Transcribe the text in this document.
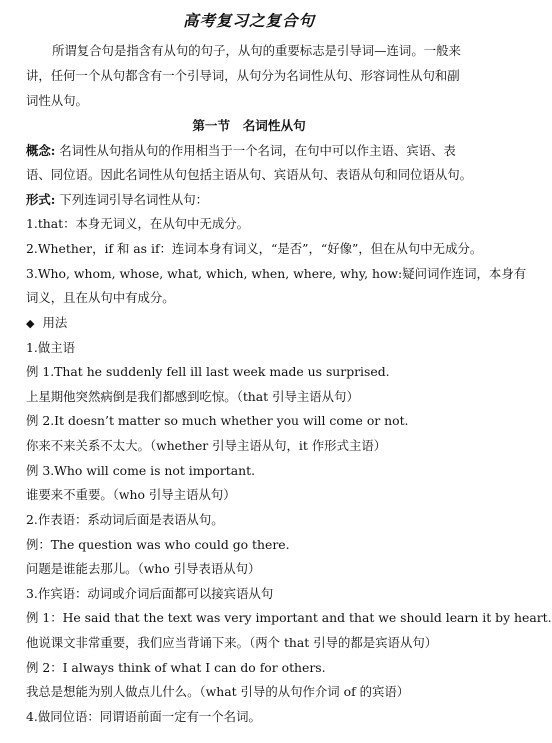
高考复习之复合句
所谓复合句是指含有从句的句子，从句的重要标志是引导词—连词。一般来
讲，任何一个从句都含有一个引导词，从句分为名词性从句、形容词性从句和副
词性从句。
第一节　名词性从句
概念: 名词性从句指从句的作用相当于一个名词，在句中可以作主语、宾语、表
语、同位语。因此名词性从句包括主语从句、宾语从句、表语从句和同位语从句。
形式: 下列连词引导名词性从句：
1.that：本身无词义，在从句中无成分。
2.Whether，if 和 as if：连词本身有词义，“是否”，“好像”，但在从句中无成分。
3.Who, whom, whose, what, which, when, where, why, how:疑问词作连词，本身有
词义，且在从句中有成分。
◆ 用法
1.做主语
例 1.That he suddenly fell ill last week made us surprised.
上星期他突然病倒是我们都感到吃惊。（that 引导主语从句）
例 2.It doesn’t matter so much whether you will come or not.
你来不来关系不太大。（whether 引导主语从句，it 作形式主语）
例 3.Who will come is not important.
谁要来不重要。（who 引导主语从句）
2.作表语：系动词后面是表语从句。
例：The question was who could go there.
问题是谁能去那儿。（who 引导表语从句）
3.作宾语：动词或介词后面都可以接宾语从句
例 1：He said that the text was very important and that we should learn it by heart.
他说课文非常重要，我们应当背诵下来。（两个 that 引导的都是宾语从句）
例 2：I always think of what I can do for others.
我总是想能为别人做点儿什么。（what 引导的从句作介词 of 的宾语）
4.做同位语：同谓语前面一定有一个名词。
